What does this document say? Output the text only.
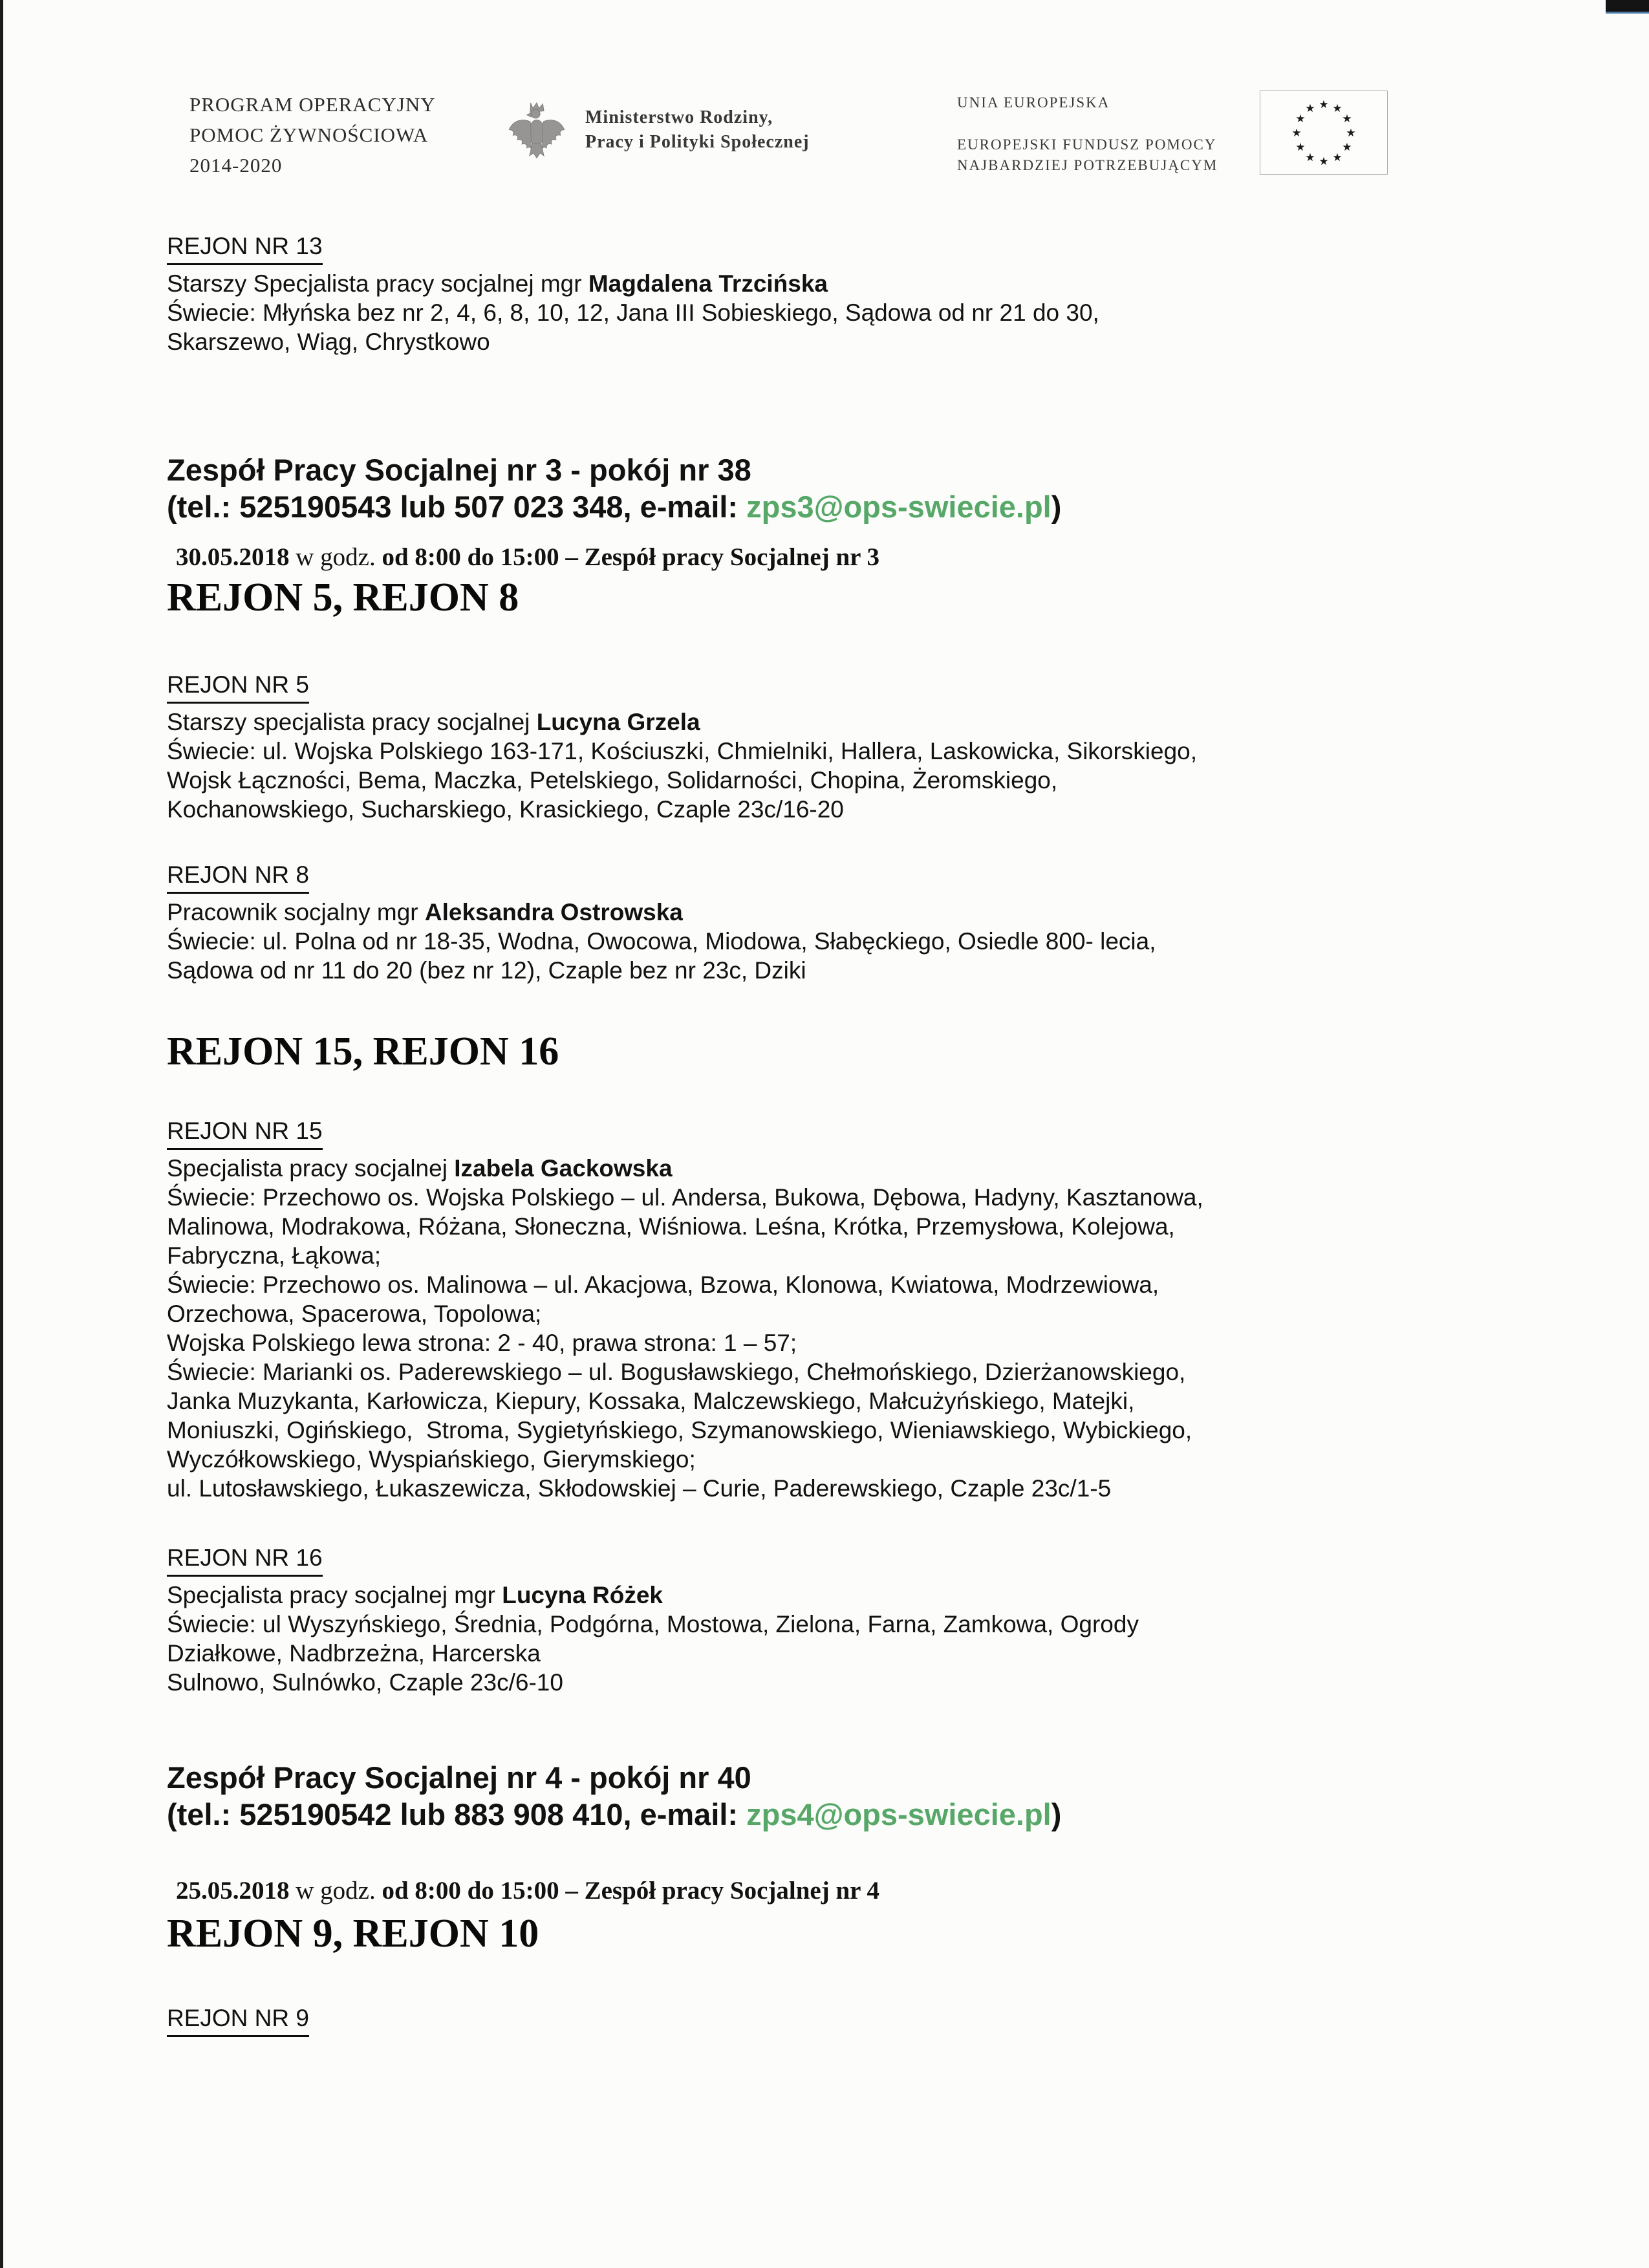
PROGRAM OPERACYJNY
POMOC ŻYWNOŚCIOWA
2014-2020
Ministerstwo Rodziny,
Pracy i Polityki Społecznej
UNIA EUROPEJSKA
EUROPEJSKI FUNDUSZ POMOCY
NAJBARDZIEJ POTRZEBUJĄCYM
★ ★
★
★
★
★
★
★
★
★
★
★
REJON NR 13
Starszy Specjalista pracy socjalnej mgr Magdalena Trzcińska
Świecie: Młyńska bez nr 2, 4, 6, 8, 10, 12, Jana III Sobieskiego, Sądowa od nr 21 do 30,
Skarszewo, Wiąg, Chrystkowo
Zespół Pracy Socjalnej nr 3 - pokój nr 38
(tel.: 525190543 lub 507 023 348, e-mail: zps3@ops-swiecie.pl)
30.05.2018 w godz. od 8:00 do 15:00 – Zespół pracy Socjalnej nr 3
REJON 5, REJON 8
REJON NR 5
Starszy specjalista pracy socjalnej Lucyna Grzela
Świecie: ul. Wojska Polskiego 163-171, Kościuszki, Chmielniki, Hallera, Laskowicka, Sikorskiego,
Wojsk Łączności, Bema, Maczka, Petelskiego, Solidarności, Chopina, Żeromskiego,
Kochanowskiego, Sucharskiego, Krasickiego, Czaple 23c/16-20
REJON NR 8
Pracownik socjalny mgr Aleksandra Ostrowska
Świecie: ul. Polna od nr 18-35, Wodna, Owocowa, Miodowa, Słabęckiego, Osiedle 800- lecia,
Sądowa od nr 11 do 20 (bez nr 12), Czaple bez nr 23c, Dziki
REJON 15, REJON 16
REJON NR 15
Specjalista pracy socjalnej Izabela Gackowska
Świecie: Przechowo os. Wojska Polskiego – ul. Andersa, Bukowa, Dębowa, Hadyny, Kasztanowa,
Malinowa, Modrakowa, Różana, Słoneczna, Wiśniowa. Leśna, Krótka, Przemysłowa, Kolejowa,
Fabryczna, Łąkowa;
Świecie: Przechowo os. Malinowa – ul. Akacjowa, Bzowa, Klonowa, Kwiatowa, Modrzewiowa,
Orzechowa, Spacerowa, Topolowa;
Wojska Polskiego lewa strona: 2 - 40, prawa strona: 1 – 57;
Świecie: Marianki os. Paderewskiego – ul. Bogusławskiego, Chełmońskiego, Dzierżanowskiego,
Janka Muzykanta, Karłowicza, Kiepury, Kossaka, Malczewskiego, Małcużyńskiego, Matejki,
Moniuszki, Ogińskiego,  Stroma, Sygietyńskiego, Szymanowskiego, Wieniawskiego, Wybickiego,
Wyczółkowskiego, Wyspiańskiego, Gierymskiego;
ul. Lutosławskiego, Łukaszewicza, Skłodowskiej – Curie, Paderewskiego, Czaple 23c/1-5
REJON NR 16
Specjalista pracy socjalnej mgr Lucyna Różek
Świecie: ul Wyszyńskiego, Średnia, Podgórna, Mostowa, Zielona, Farna, Zamkowa, Ogrody
Działkowe, Nadbrzeżna, Harcerska
Sulnowo, Sulnówko, Czaple 23c/6-10
Zespół Pracy Socjalnej nr 4 - pokój nr 40
(tel.: 525190542 lub 883 908 410, e-mail: zps4@ops-swiecie.pl)
25.05.2018 w godz. od 8:00 do 15:00 – Zespół pracy Socjalnej nr 4
REJON 9, REJON 10
REJON NR 9
